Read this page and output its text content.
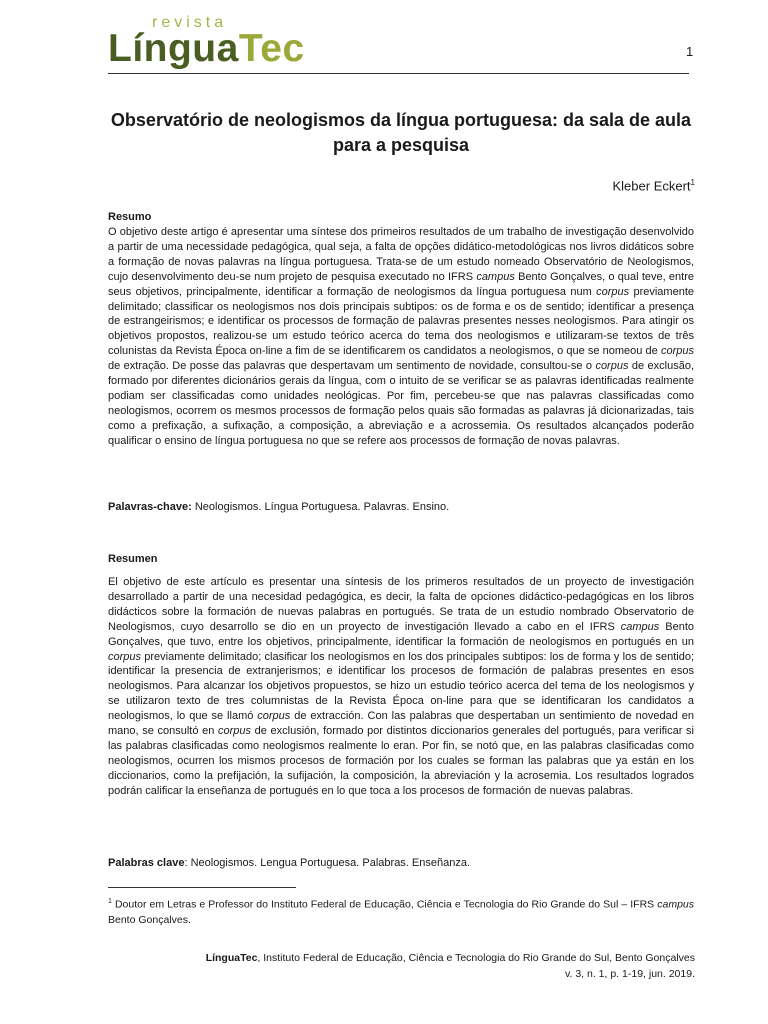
revista
LínguaTec	1
Observatório de neologismos da língua portuguesa: da sala de aula para a pesquisa
Kleber Eckert$^1$
Resumo

O objetivo deste artigo é apresentar uma síntese dos primeiros resultados de um trabalho de investigação desenvolvido a partir de uma necessidade pedagógica, qual seja, a falta de opções didático-metodológicas nos livros didáticos sobre a formação de novas palavras na língua portuguesa. Trata-se de um estudo nomeado Observatório de Neologismos, cujo desenvolvimento deu-se num projeto de pesquisa executado no IFRS campus Bento Gonçalves, o qual teve, entre seus objetivos, principalmente, identificar a formação de neologismos da língua portuguesa num corpus previamente delimitado; classificar os neologismos nos dois principais subtipos: os de forma e os de sentido; identificar a presença de estrangeirismos; e identificar os processos de formação de palavras presentes nesses neologismos. Para atingir os objetivos propostos, realizou-se um estudo teórico acerca do tema dos neologismos e utilizaram-se textos de três colunistas da Revista Época on-line a fim de se identificarem os candidatos a neologismos, o que se nomeou de corpus de extração. De posse das palavras que despertavam um sentimento de novidade, consultou-se o corpus de exclusão, formado por diferentes dicionários gerais da língua, com o intuito de se verificar se as palavras identificadas realmente podiam ser classificadas como unidades neológicas. Por fim, percebeu-se que nas palavras classificadas como neologismos, ocorrem os mesmos processos de formação pelos quais são formadas as palavras já dicionarizadas, tais como a prefixação, a sufixação, a composição, a abreviação e a acrossemia. Os resultados alcançados poderão qualificar o ensino de língua portuguesa no que se refere aos processos de formação de novas palavras.

Palavras-chave: Neologismos. Língua Portuguesa. Palavras. Ensino.
Resumen

El objetivo de este artículo es presentar una síntesis de los primeros resultados de un proyecto de investigación desarrollado a partir de una necesidad pedagógica, es decir, la falta de opciones didáctico-pedagógicas en los libros didácticos sobre la formación de nuevas palabras en portugués. Se trata de un estudio nombrado Observatorio de Neologismos, cuyo desarrollo se dio en un proyecto de investigación llevado a cabo en el IFRS campus Bento Gonçalves, que tuvo, entre los objetivos, principalmente, identificar la formación de neologismos en portugués en un corpus previamente delimitado; clasificar los neologismos en los dos principales subtipos: los de forma y los de sentido; identificar la presencia de extranjerismos; e identificar los procesos de formación de palabras presentes en esos neologismos. Para alcanzar los objetivos propuestos, se hizo un estudio teórico acerca del tema de los neologismos y se utilizaron texto de tres columnistas de la Revista Época on-line para que se identificaran los candidatos a neologismos, lo que se llamó corpus de extracción. Con las palabras que despertaban un sentimiento de novedad en mano, se consultó en corpus de exclusión, formado por distintos diccionarios generales del portugués, para verificar si las palabras clasificadas como neologismos realmente lo eran. Por fin, se notó que, en las palabras clasificadas como neologismos, ocurren los mismos procesos de formación por los cuales se forman las palabras que ya están en los diccionarios, como la prefijación, la sufijación, la composición, la abreviación y la acrosemia. Los resultados logrados podrán calificar la enseñanza de portugués en lo que toca a los procesos de formación de nuevas palabras.

Palabras clave: Neologismos. Lengua Portuguesa. Palabras. Enseñanza.
$^1$ Doutor em Letras e Professor do Instituto Federal de Educação, Ciência e Tecnologia do Rio Grande do Sul – IFRS campus Bento Gonçalves.
LínguaTec, Instituto Federal de Educação, Ciência e Tecnologia do Rio Grande do Sul, Bento Gonçalves
v. 3, n. 1, p. 1-19, jun. 2019.
